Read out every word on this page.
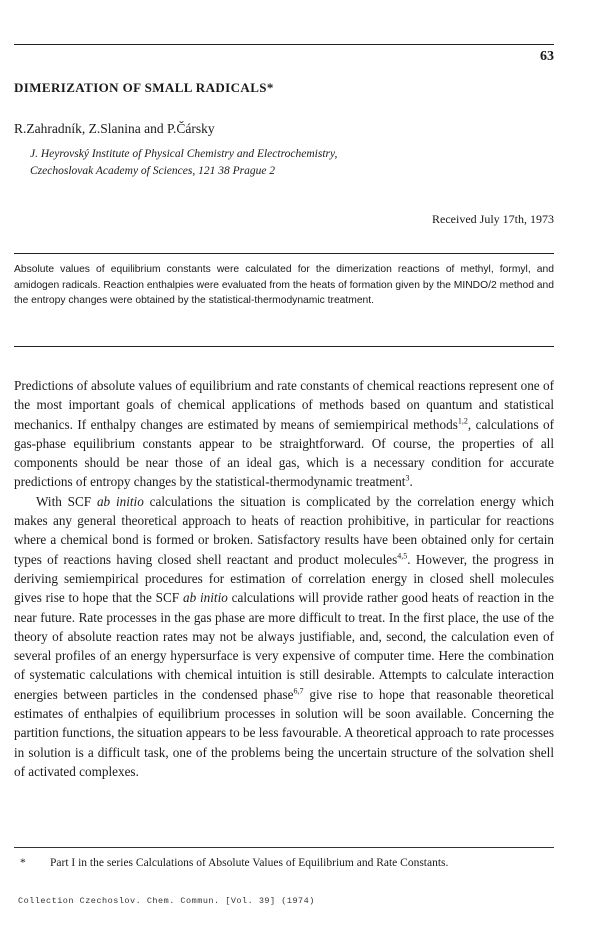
63
DIMERIZATION OF SMALL RADICALS*
R.Zahradník, Z.Slanina and P.Čársky
J. Heyrovský Institute of Physical Chemistry and Electrochemistry,
Czechoslovak Academy of Sciences, 121 38 Prague 2
Received July 17th, 1973
Absolute values of equilibrium constants were calculated for the dimerization reactions of methyl, formyl, and amidogen radicals. Reaction enthalpies were evaluated from the heats of formation given by the MINDO/2 method and the entropy changes were obtained by the statistical-thermodynamic treatment.

Predictions of absolute values of equilibrium and rate constants of chemical reactions represent one of the most important goals of chemical applications of methods based on quantum and statistical mechanics. If enthalpy changes are estimated by means of semiempirical methods$^{1,2}$, calculations of gas-phase equilibrium constants appear to be straightforward. Of course, the properties of all components should be near those of an ideal gas, which is a necessary condition for accurate predictions of entropy changes by the statistical-thermodynamic treatment$^3$.

With SCF ab initio calculations the situation is complicated by the correlation energy which makes any general theoretical approach to heats of reaction prohibitive, in particular for reactions where a chemical bond is formed or broken. Satisfactory results have been obtained only for certain types of reactions having closed shell reactant and product molecules$^{4,5}$. However, the progress in deriving semiempirical procedures for estimation of correlation energy in closed shell molecules gives rise to hope that the SCF ab initio calculations will provide rather good heats of reaction in the near future. Rate processes in the gas phase are more difficult to treat. In the first place, the use of the theory of absolute reaction rates may not be always justifiable, and, second, the calculation even of several profiles of an energy hypersurface is very expensive of computer time. Here the combination of systematic calculations with chemical intuition is still desirable. Attempts to calculate interaction energies between particles in the condensed phase$^{6,7}$ give rise to hope that reasonable theoretical estimates of enthalpies of equilibrium processes in solution will be soon available. Concerning the partition functions, the situation appears to be less favourable. A theoretical approach to rate processes in solution is a difficult task, one of the problems being the uncertain structure of the solvation shell of activated complexes.

* Part I in the series Calculations of Absolute Values of Equilibrium and Rate Constants.
Collection Czechoslov. Chem. Commun. [Vol. 39] (1974)
